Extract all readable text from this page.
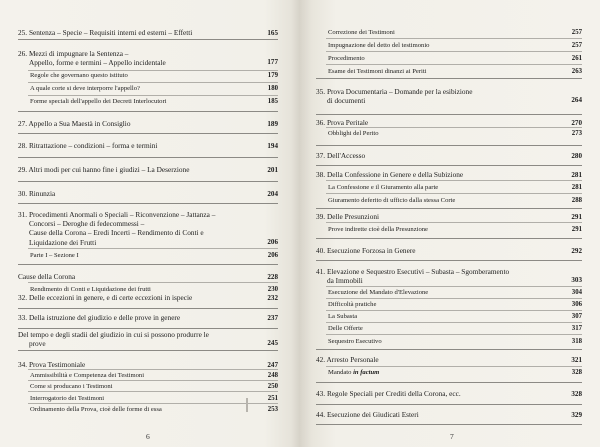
25. Sentenza – Specie – Requisiti interni ed esterni – Effetti	165
26. Mezzi di impugnare la Sentenza –
Appello, forme e termini – Appello incidentale	177
Regole che governano questo istituto	179
A quale corte si deve interporre l'appello?	180
Forme speciali dell'appello dei Decreti Interlocutori	185
27. Appello a Sua Maestà in Consiglio	189
28. Ritrattazione – condizioni – forma e termini	194
29. Altri modi per cui hanno fine i giudizi – La Deserzione	201
30. Rinunzia	204
31. Procedimenti Anormali o Speciali – Riconvenzione – Jattanza –
Concorsi – Deroghe di fedecommessi –
Cause della Corona – Eredi Incerti – Rendimento di Conti e
Liquidazione dei Frutti	206
Parte I – Sezione I	206
Cause della Corona	228
Rendimento di Conti e Liquidazione dei frutti	230
32. Delle eccezioni in genere, e di certe eccezioni in ispecie	232
33. Della istruzione del giudizio e delle prove in genere	237
Del tempo e degli stadii del giudizio in cui si possono produrre le
prove	245
34. Prova Testimoniale	247
Ammissibilità e Competenza dei Testimoni	248
Come si producano i Testimoni	250
Interrogatorio dei Testimoni	251
Ordinamento della Prova, cioè delle forme di essa	253
6
Correzione dei Testimoni	257
Impugnazione del detto del testimonio	257
Procedimento	261
Esame dei Testimoni dinanzi ai Periti	263
35. Prova Documentaria – Domande per la esibizione
di documenti	264
36. Prova Peritale	270
Obblighi del Perito	273
37. Dell'Accesso	280
38. Della Confessione in Genere e della Subizione	281
La Confessione e il Giuramento alla parte	281
Giuramento deferito di ufficio dalla stessa Corte	288
39. Delle Presunzioni	291
Prove indirette cioè della Presunzione	291
40. Esecuzione Forzosa in Genere	292
41. Elevazione e Sequestro Esecutivi – Subasta – Sgomberamento
da Immobili	303
Esecuzione del Mandato d'Elevazione	304
Difficoltà pratiche	306
La Subasta	307
Delle Offerte	317
Sequestro Esecutivo	318
42. Arresto Personale	321
Mandato in factum	328
43. Regole Speciali per Crediti della Corona, ecc.	328
44. Esecuzione dei Giudicati Esteri	329
7
